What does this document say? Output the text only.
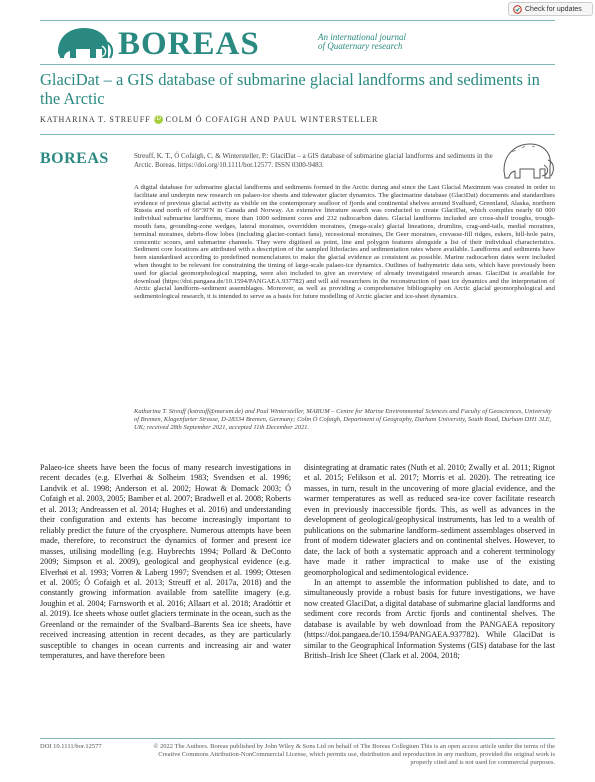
Check for updates
BOREAS	An international journal of Quaternary research
GlaciDat – a GIS database of submarine glacial landforms and sediments in the Arctic
KATHARINA T. STREUFF iD COLM Ó COFAIGH AND PAUL WINTERSTELLER
BOREAS	Streuff, K. T., Ó Cofaigh, C. & Wintersteller, P.: GlaciDat – a GIS database of submarine glacial landforms and sediments in the Arctic. Boreas. https://doi.org/10.1111/bor.12577. ISSN 0300-9483.
A digital database for submarine glacial landforms and sediments formed in the Arctic during and since the Last Glacial Maximum was created in order to facilitate and underpin new research on palaeo-ice sheets and tidewater glacier dynamics. The glacimarine database (GlaciDat) documents and standardises evidence of previous glacial activity as visible on the contemporary seafloor of fjords and continental shelves around Svalbard, Greenland, Alaska, northern Russia and north of 66°30'N in Canada and Norway. An extensive literature search was conducted to create GlaciDat, which compiles nearly 60 000 individual submarine landforms, more than 1000 sediment cores and 232 radiocarbon dates. Glacial landforms included are cross-shelf troughs, trough-mouth fans, grounding-zone wedges, lateral moraines, overridden moraines, (mega-scale) glacial lineations, drumlins, crag-and-tails, medial moraines, terminal moraines, debris-flow lobes (including glacier-contact fans), recessional moraines, De Geer moraines, crevasse-fill ridges, eskers, hill-hole pairs, crescentic scours, and submarine channels. They were digitised as point, line and polygon features alongside a list of their individual characteristics. Sediment core locations are attributed with a description of the sampled lithofacies and sedimentation rates where available. Landforms and sediments have been standardised according to predefined nomenclatures to make the glacial evidence as consistent as possible. Marine radiocarbon dates were included when thought to be relevant for constraining the timing of large-scale palaeo-ice dynamics. Outlines of bathymetric data sets, which have previously been used for glacial geomorphological mapping, were also included to give an overview of already investigated research areas. GlaciDat is available for download (https://doi.pangaea.de/10.1594/PANGAEA.937782) and will aid researchers in the reconstruction of past ice dynamics and the interpretation of Arctic glacial landform–sediment assemblages. Moreover, as well as providing a comprehensive bibliography on Arctic glacial geomorphological and sedimentological research, it is intended to serve as a basis for future modelling of Arctic glacier and ice-sheet dynamics.
Katharina T. Streuff (kstreuff@marum.de) and Paul Wintersteller, MARUM – Centre for Marine Environmental Sciences and Faculty of Geosciences, University of Bremen, Klagenfurter Strasse, D-28334 Bremen, Germany; Colm Ó Cofaigh, Department of Geography, Durham University, South Road, Durham DH1 3LE, UK; received 28th September 2021, accepted 11th December 2021.
Palaeo-ice sheets have been the focus of many research investigations in recent decades (e.g. Elverhøi & Solheim 1983; Svendsen et al. 1996; Landvik et al. 1998; Anderson et al. 2002; Howat & Domack 2003; Ó Cofaigh et al. 2003, 2005; Bamber et al. 2007; Bradwell et al. 2008; Roberts et al. 2013; Andreassen et al. 2014; Hughes et al. 2016) and understanding their configuration and extents has become increasingly important to reliably predict the future of the cryosphere. Numerous attempts have been made, therefore, to reconstruct the dynamics of former and present ice masses, utilising modelling (e.g. Huybrechts 1994; Pollard & DeConto 2009; Simpson et al. 2009), geological and geophysical evidence (e.g. Elverhøi et al. 1993; Vorren & Laberg 1997; Svendsen et al. 1999; Ottesen et al. 2005; Ó Cofaigh et al. 2013; Streuff et al. 2017a, 2018) and the constantly growing information available from satellite imagery (e.g. Joughin et al. 2004; Farnsworth et al. 2016; Allaart et al. 2018; Aradóttir et al. 2019). Ice sheets whose outlet glaciers terminate in the ocean, such as the Greenland or the remainder of the Svalbard–Barents Sea ice sheets, have received increasing attention in recent decades, as they are particularly susceptible to changes in ocean currents and increasing air and water temperatures, and have therefore been

disintegrating at dramatic rates (Nuth et al. 2010; Zwally et al. 2011; Rignot et al. 2015; Felikson et al. 2017; Morris et al. 2020). The retreating ice masses, in turn, result in the uncovering of more glacial evidence, and the warmer temperatures as well as reduced sea-ice cover facilitate research even in previously inaccessible fjords. This, as well as advances in the development of geological/geophysical instruments, has led to a wealth of publications on the submarine landform–sediment assemblages observed in front of modern tidewater glaciers and on continental shelves. However, to date, the lack of both a systematic approach and a coherent terminology have made it rather impractical to make use of the existing geomorphological and sedimentological evidence.

In an attempt to assemble the information published to date, and to simultaneously provide a robust basis for future investigations, we have now created GlaciDat, a digital database of submarine glacial landforms and sediment core records from Arctic fjords and continental shelves. The database is available by web download from the PANGAEA repository (https://doi.pangaea.de/10.1594/PANGAEA.937782). While GlaciDat is similar to the Geographical Information Systems (GIS) database for the last British–Irish Ice Sheet (Clark et al. 2004, 2018;

DOI 10.1111/bor.12577	© 2022 The Authors. Boreas published by John Wiley & Sons Ltd on behalf of The Boreas Collegium This is an open access article under the terms of the Creative Commons Attribution-NonCommercial License, which permits use, distribution and reproduction in any medium, provided the original work is properly cited and is not used for commercial purposes.
